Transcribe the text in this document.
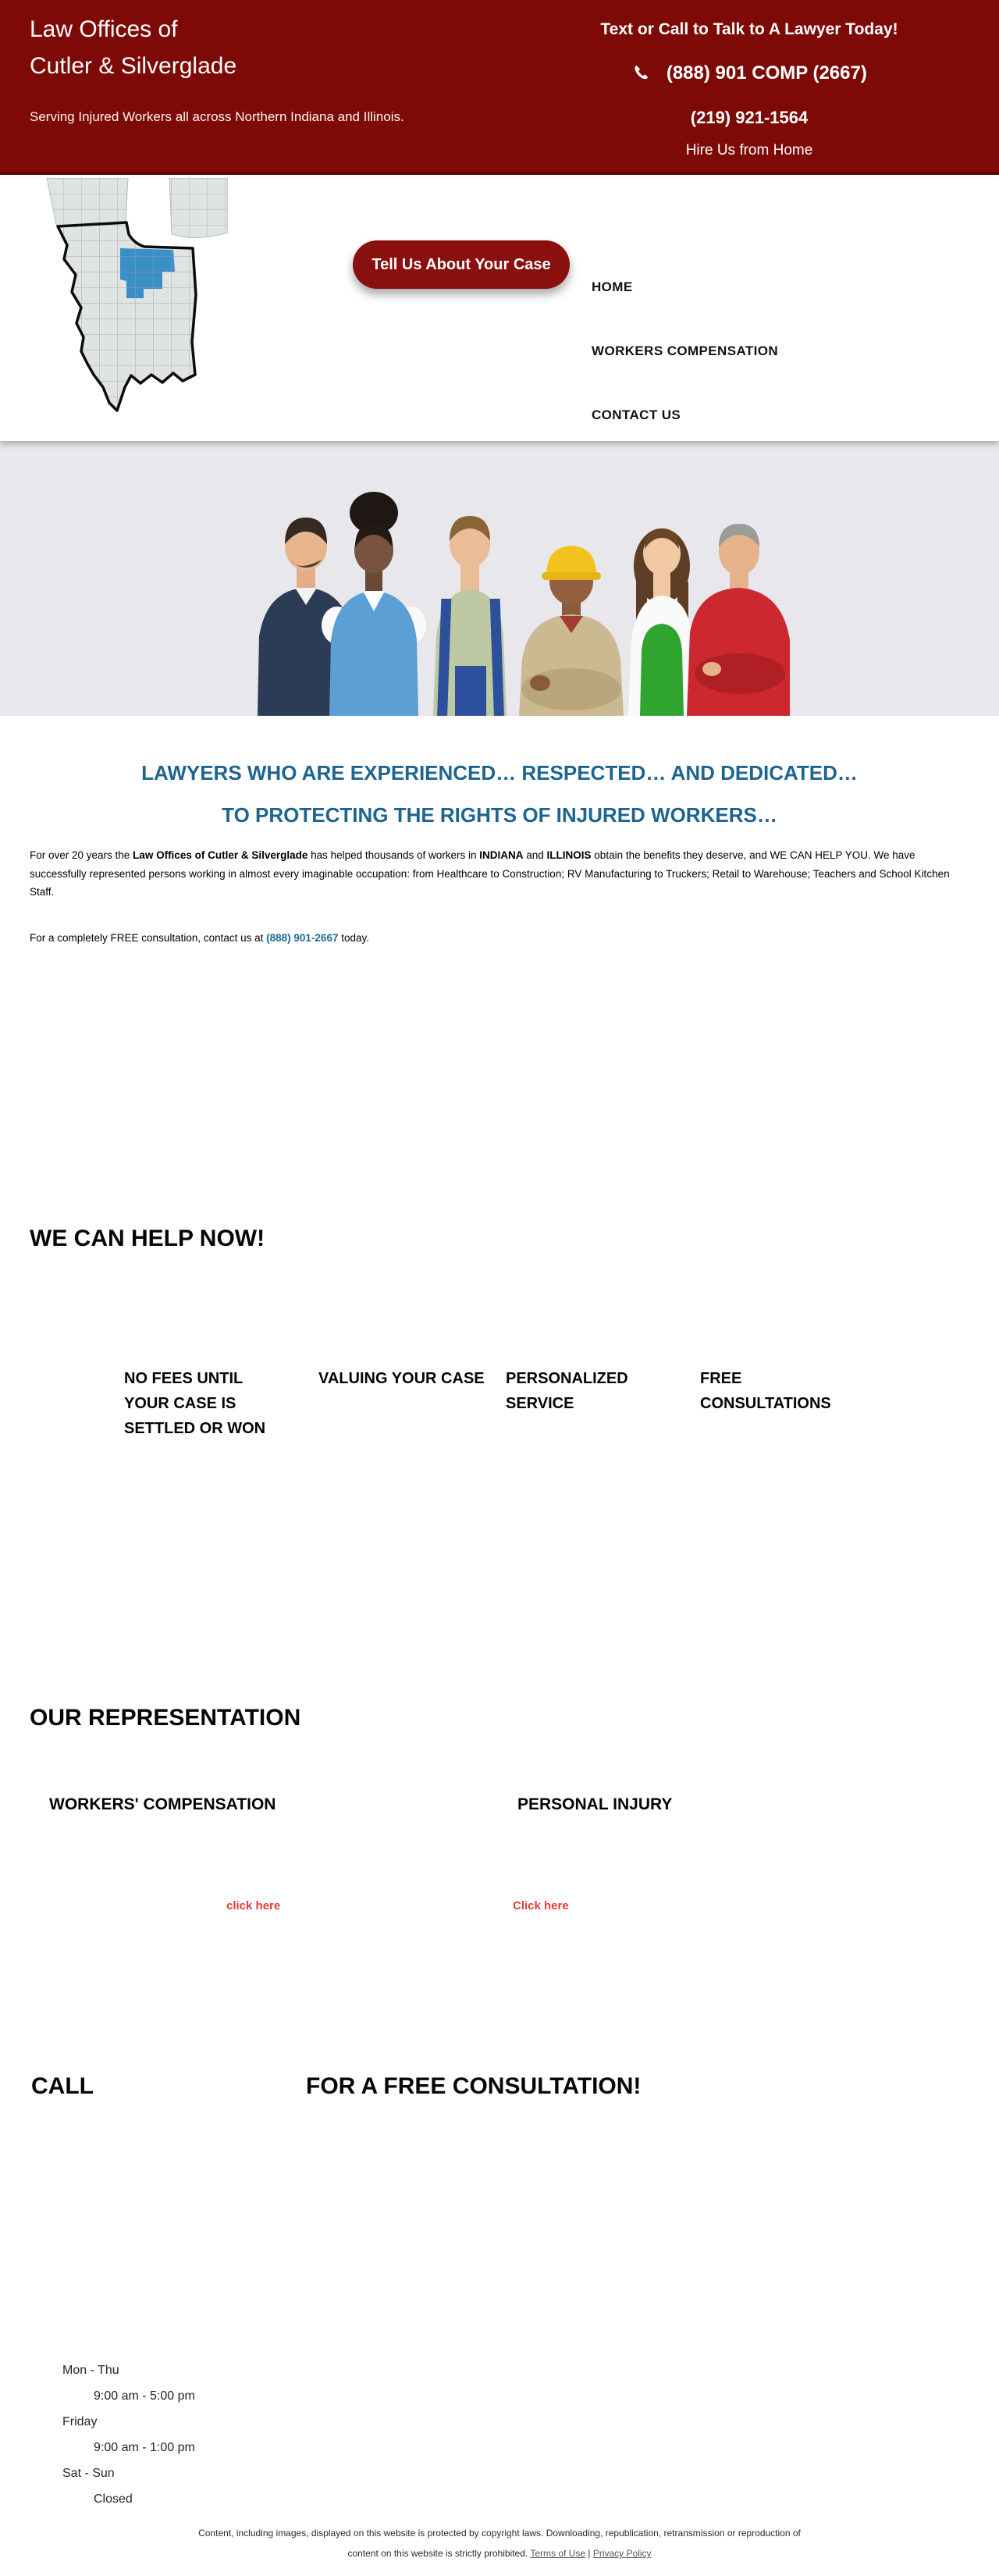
Law Offices of
Cutler & Silverglade
Serving Injured Workers all across Northern Indiana and Illinois.
Text or Call to Talk to A Lawyer Today!
(888) 901 COMP (2667)
(219) 921-1564
Hire Us from Home
Tell Us About Your Case
HOME
WORKERS COMPENSATION
CONTACT US
LAWYERS WHO ARE EXPERIENCED… RESPECTED… AND DEDICATED…
TO PROTECTING THE RIGHTS OF INJURED WORKERS…

For over 20 years the Law Offices of Cutler & Silverglade has helped thousands of workers in INDIANA and ILLINOIS obtain the benefits they deserve, and WE CAN HELP YOU. We have successfully represented persons working in almost every imaginable occupation: from Healthcare to Construction; RV Manufacturing to Truckers; Retail to Warehouse; Teachers and School Kitchen Staff.

For a completely FREE consultation, contact us at (888) 901-2667 today.

WE CAN HELP NOW!
NO FEES UNTIL
YOUR CASE IS
SETTLED OR WON
VALUING YOUR CASE	PERSONALIZED
SERVICE
FREE
CONSULTATIONS
OUR REPRESENTATION
WORKERS' COMPENSATION	PERSONAL INJURY
click here	Click here
CALL	FOR A FREE CONSULTATION!
Mon - Thu
9:00 am - 5:00 pm
Friday
9:00 am - 1:00 pm
Sat - Sun
Closed
Content, including images, displayed on this website is protected by copyright laws. Downloading, republication, retransmission or reproduction of
content on this website is strictly prohibited. Terms of Use | Privacy Policy
